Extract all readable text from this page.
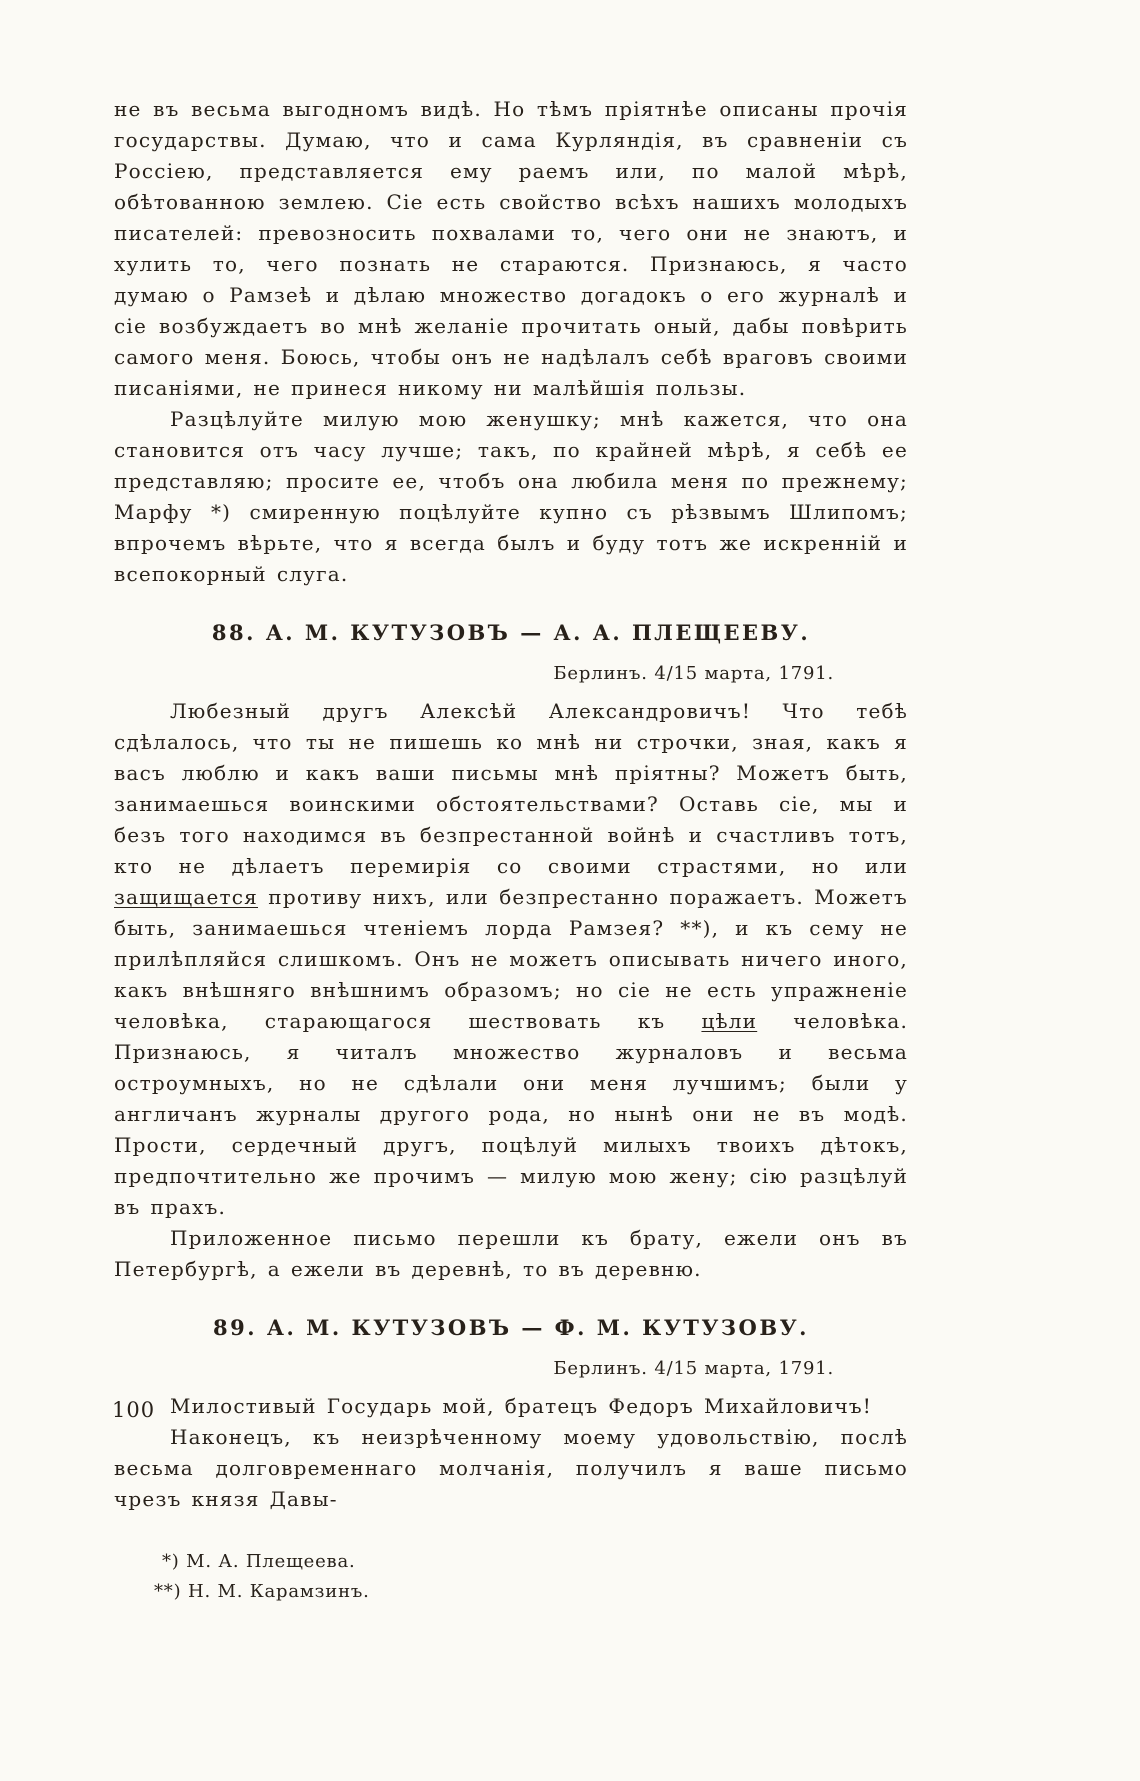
не въ весьма выгодномъ видѣ. Но тѣмъ пріятнѣе описаны прочія государствы. Думаю, что и сама Курляндія, въ сравненіи съ Россіею, представляется ему раемъ или, по малой мѣрѣ, обѣтованною землею. Сіе есть свойство всѣхъ нашихъ молодыхъ писателей: превозносить похвалами то, чего они не знаютъ, и хулить то, чего познать не стараются. Признаюсь, я часто думаю о Рамзеѣ и дѣлаю множество догадокъ о его журналѣ и сіе возбуждаетъ во мнѣ желаніе прочитать оный, дабы повѣрить самого меня. Боюсь, чтобы онъ не надѣлалъ себѣ враговъ своими писаніями, не принеся никому ни малѣйшія пользы.

Разцѣлуйте милую мою женушку; мнѣ кажется, что она становится отъ часу лучше; такъ, по крайней мѣрѣ, я себѣ ее представляю; просите ее, чтобъ она любила меня по прежнему; Марфу *) смиренную поцѣлуйте купно съ рѣзвымъ Шлипомъ; впрочемъ вѣрьте, что я всегда былъ и буду тотъ же искренній и всепокорный слуга.

88. А. М. КУТУЗОВЪ — А. А. ПЛЕЩЕЕВУ.

Берлинъ. 4/15 марта, 1791.

Любезный другъ Алексѣй Александровичъ! Что тебѣ сдѣлалось, что ты не пишешь ко мнѣ ни строчки, зная, какъ я васъ люблю и какъ ваши письмы мнѣ пріятны? Можетъ быть, занимаешься воинскими обстоятельствами? Оставь сіе, мы и безъ того находимся въ безпрестанной войнѣ и счастливъ тотъ, кто не дѣлаетъ перемирія со своими страстями, но или защищается противу нихъ, или безпрестанно поражаетъ. Можетъ быть, занимаешься чтеніемъ лорда Рамзея? **), и къ сему не прилѣпляйся слишкомъ. Онъ не можетъ описывать ничего иного, какъ внѣшняго внѣшнимъ образомъ; но сіе не есть упражненіе человѣка, старающагося шествовать къ цѣли человѣка. Признаюсь, я читалъ множество журналовъ и весьма остроумныхъ, но не сдѣлали они меня лучшимъ; были у англичанъ журналы другого рода, но нынѣ они не въ модѣ. Прости, сердечный другъ, поцѣлуй милыхъ твоихъ дѣтокъ, предпочтительно же прочимъ — милую мою жену; сію разцѣлуй въ прахъ.

Приложенное письмо перешли къ брату, ежели онъ въ Петербургѣ, а ежели въ деревнѣ, то въ деревню.

89. А. М. КУТУЗОВЪ — Ф. М. КУТУЗОВУ.

Берлинъ. 4/15 марта, 1791.

Милостивый Государь мой, братецъ Федоръ Михайловичъ!

Наконецъ, къ неизрѣченному моему удовольствію, послѣ весьма долговременнаго молчанія, получилъ я ваше письмо чрезъ князя Давы-

*) М. А. Плещеева.

**) Н. М. Карамзинъ.

100
